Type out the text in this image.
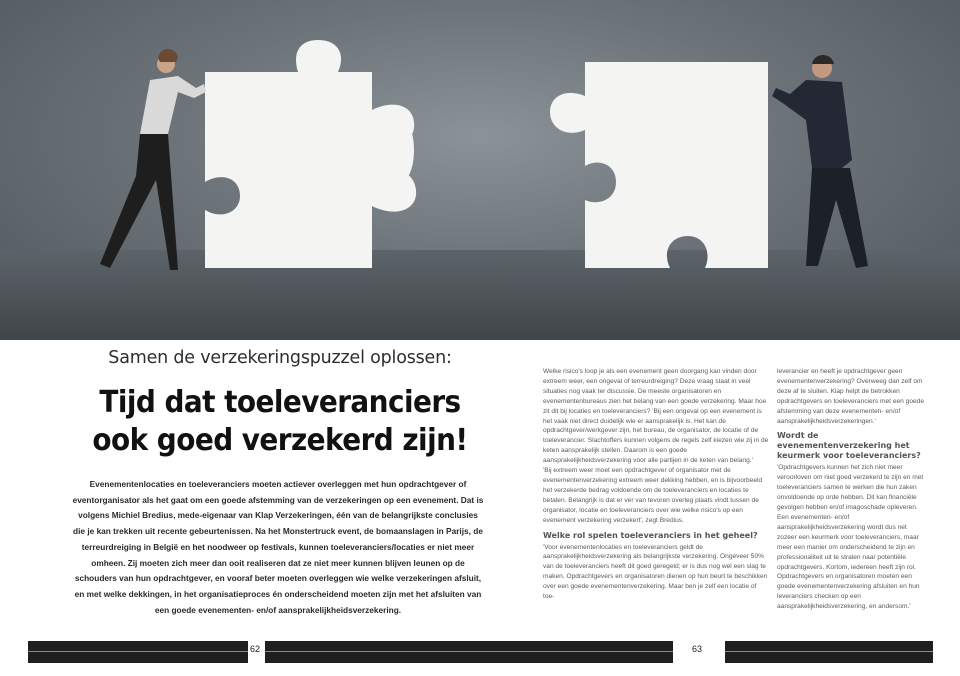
Samen de verzekeringspuzzel oplossen:
Tijd dat toeleveranciers
ook goed verzekerd zijn!
Evenementenlocaties en toeleveranciers moeten actiever overleggen met hun opdrachtgever of eventorganisator als het gaat om een goede afstemming van de verzekeringen op een evenement. Dat is volgens Michiel Bredius, mede-eigenaar van Klap Verzekeringen, één van de belangrijkste conclusies die je kan trekken uit recente gebeurtenissen. Na het Monstertruck event, de bomaanslagen in Parijs, de terreurdreiging in België en het noodweer op festivals, kunnen toeleveranciers/locaties er niet meer omheen. Zij moeten zich meer dan ooit realiseren dat ze niet meer kunnen blijven leunen op de schouders van hun opdrachtgever, en vooraf beter moeten overleggen wie welke verzekeringen afsluit, en met welke dekkingen, in het organisatieproces én onderscheidend moeten zijn met het afsluiten van een goede evenementen- en/of aansprakelijkheidsverzekering.

Welke risico's loop je als een evenement geen doorgang kan vinden door extreem weer, een ongeval of terreurdreiging? Deze vraag staat in veel situaties nog vaak ter discussie. De meeste organisatoren en evenementenbureaus zien het belang van een goede verzekering. Maar hoe zit dit bij locaties en toeleveranciers? 'Bij een ongeval op een evenement is het vaak niet direct duidelijk wie er aansprakelijk is. Het kan de opdrachtgever/werkgever zijn, het bureau, de organisator, de locatie of de toeleverancier. Slachtoffers kunnen volgens de regels zelf kiezen wie zij in de keten aansprakelijk stellen. Daarom is een goede aansprakelijkheidsverzekering voor alle partijen in de keten van belang.'

'Bij extreem weer moet een opdrachtgever of organisator met de evenementenverzekering extreem weer dekking hebben, en is bijvoorbeeld het verzekerde bedrag voldoende om de toeleveranciers en locaties te betalen. Belangrijk is dat er ver van tevoren overleg plaats vindt tussen de organisator, locatie en toeleveranciers over wie welke risico's op een evenement verzekering verzekert', zegt Bredius.

Welke rol spelen toeleveranciers in het geheel?

'Voor evenementenlocaties en toeleveranciers geldt de aansprakelijkheidsverzekering als belangrijkste verzekering. Ongeveer 50% van de toeleveranciers heeft dit goed geregeld; er is dus nog wel een slag te maken. Opdrachtgevers en organisatoren dienen op hun beurt te beschikken over een goede evenementenverzekering. Maar ben je zelf een locatie of toe-

leverancier en heeft je opdrachtgever geen evenementenverzekering? Overweeg dan zelf om deze af te sluiten. Klap helpt de betrokken opdrachtgevers en toeleveranciers met een goede afstemming van deze evenementen- en/of aansprakelijkheidsverzekeringen.'

Wordt de evenementenverzekering het keurmerk voor toeleveranciers?

'Opdrachtgevers kunnen het zich niet meer veroorloven om niet goed verzekerd te zijn en met toeleveranciers samen te werken die hun zaken onvoldoende op orde hebben. Dit kan financiële gevolgen hebben en/of imagoschade opleveren. Een evenementen- en/of aansprakelijkheidsverzekering wordt dus net zozeer een keurmerk voor toeleveranciers, maar meer een manier om onderscheidend te zijn en professionaliteit uit te stralen naar potentiële opdrachtgevers. Kortom, iedereen heeft zijn rol. Opdrachtgevers en organisatoren moeten een goede evenementenverzekering afsluiten en hun leveranciers checken op een aansprakelijkheidsverzekering, en andersom.'

62	63
